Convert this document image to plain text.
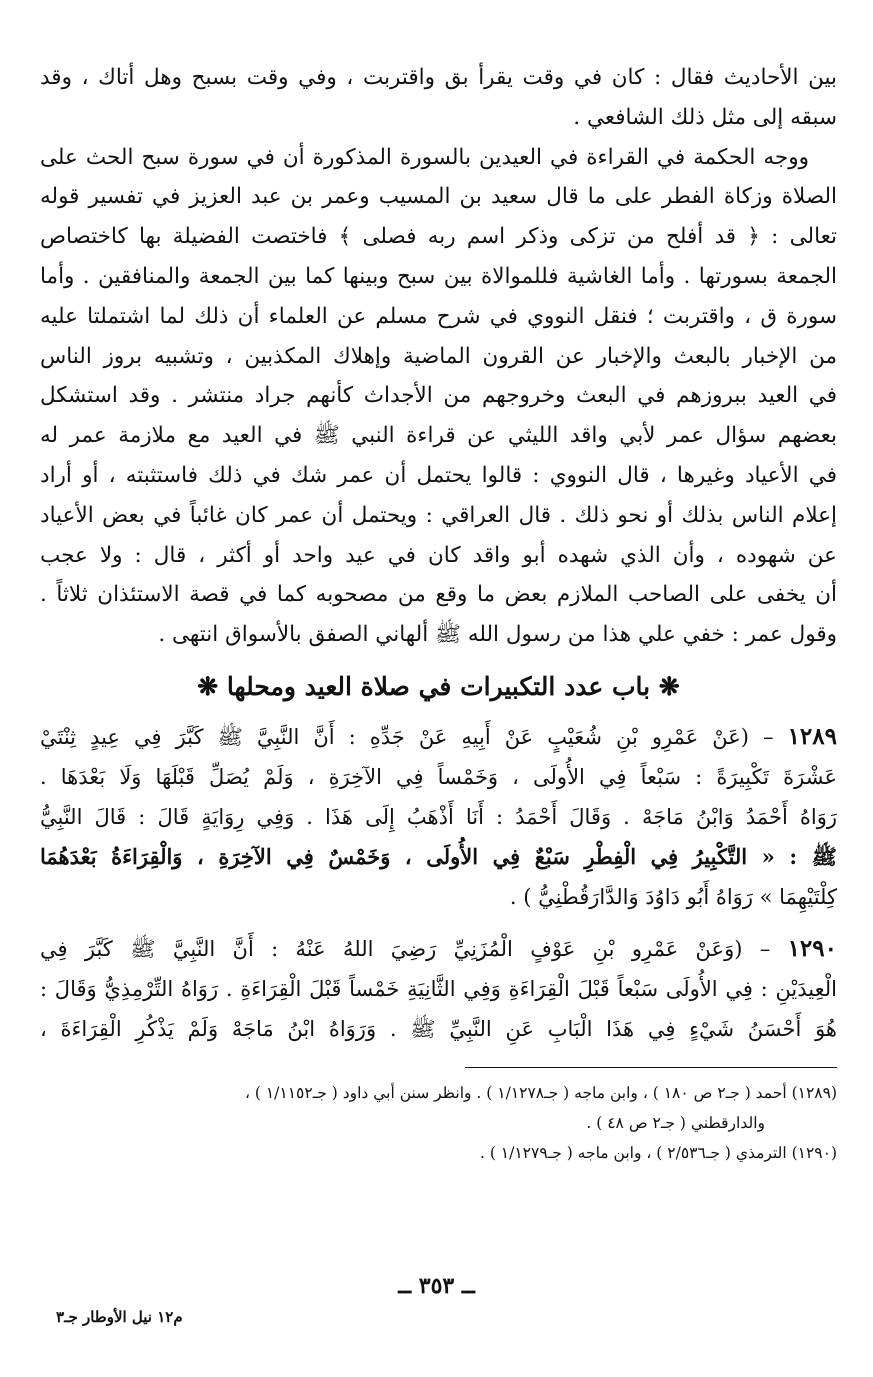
بين الأحاديث فقال : كان في وقت يقرأ بق واقتربت ، وفي وقت بسبح وهل أتاك ، وقد
سبقه إلى مثل ذلك الشافعي .
ووجه الحكمة في القراءة في العيدين بالسورة المذكورة أن في سورة سبح الحث على
الصلاة وزكاة الفطر على ما قال سعيد بن المسيب وعمر بن عبد العزيز في تفسير قوله
تعالى : ﴿ قد أفلح من تزكى وذكر اسم ربه فصلى ﴾ فاختصت الفضيلة بها كاختصاص
الجمعة بسورتها . وأما الغاشية فللموالاة بين سبح وبينها كما بين الجمعة والمنافقين . وأما
سورة ق ، واقتربت ؛ فنقل النووي في شرح مسلم عن العلماء أن ذلك لما اشتملتا عليه
من الإخبار بالبعث والإخبار عن القرون الماضية وإهلاك المكذبين ، وتشبيه بروز الناس
في العيد ببروزهم في البعث وخروجهم من الأجداث كأنهم جراد منتشر . وقد استشكل
بعضهم سؤال عمر لأبي واقد الليثي عن قراءة النبي ﷺ في العيد مع ملازمة عمر له
في الأعياد وغيرها ، قال النووي : قالوا يحتمل أن عمر شك في ذلك فاستثبته ، أو أراد
إعلام الناس بذلك أو نحو ذلك . قال العراقي : ويحتمل أن عمر كان غائباً في بعض الأعياد
عن شهوده ، وأن الذي شهده أبو واقد كان في عيد واحد أو أكثر ، قال : ولا عجب
أن يخفى على الصاحب الملازم بعض ما وقع من مصحوبه كما في قصة الاستئذان ثلاثاً .
وقول عمر : خفي علي هذا من رسول الله ﷺ ألهاني الصفق بالأسواق انتهى .
❋ باب عدد التكبيرات في صلاة العيد ومحلها ❋
١٢٨٩ – (عَنْ عَمْرِو بْنِ شُعَيْبٍ عَنْ أَبِيهِ عَنْ جَدِّهِ : أَنَّ النَّبِيَّ ﷺ كَبَّرَ فِي عِيدٍ ثِنْتَيْ
عَشْرَةَ تَكْبِيرَةً : سَبْعاً فِي الأُولَى ، وَخَمْساً فِي الآخِرَةِ ، وَلَمْ يُصَلِّ قَبْلَهَا وَلَا بَعْدَهَا .
رَوَاهُ أَحْمَدُ وَابْنُ مَاجَهْ . وَقَالَ أَحْمَدُ : أَنَا أَذْهَبُ إِلَى هَذَا . وَفِي رِوَايَةٍ قَالَ : قَالَ النَّبِيُّ
ﷺ : « التَّكْبِيرُ فِي الْفِطْرِ سَبْعٌ فِي الأُولَى ، وَخَمْسٌ فِي الآخِرَةِ ، وَالْقِرَاءَةُ بَعْدَهُمَا
كِلْتَيْهِمَا » رَوَاهُ أَبُو دَاوُدَ وَالدَّارَقُطْنِيُّ ) .
١٢٩٠ – (وَعَنْ عَمْرِو بْنِ عَوْفٍ الْمُزَنِيِّ رَضِيَ اللهُ عَنْهُ : أَنَّ النَّبِيَّ ﷺ كَبَّرَ فِي
الْعِيدَيْنِ : فِي الأُولَى سَبْعاً قَبْلَ الْقِرَاءَةِ وَفِي الثَّانِيَةِ خَمْساً قَبْلَ الْقِرَاءَةِ . رَوَاهُ التِّرْمِذِيُّ وَقَالَ :
هُوَ أَحْسَنُ شَيْءٍ فِي هَذَا الْبَابِ عَنِ النَّبِيِّ ﷺ . وَرَوَاهُ ابْنُ مَاجَهْ وَلَمْ يَذْكُرِ الْقِرَاءَةَ ،
(١٢٨٩) أحمد ( جـ٢ ص ١٨٠ ) ، وابن ماجه ( جـ١/١٢٧٨ ) . وانظر سنن أبي داود ( جـ١/١١٥٢ ) ،
والدارقطني ( جـ٢ ص ٤٨ ) .
(١٢٩٠) الترمذي ( جـ٢/٥٣٦ ) ، وابن ماجه ( جـ١/١٢٧٩ ) .
ــ ٣٥٣ ــ
م١٢ نيل الأوطار جـ٣
